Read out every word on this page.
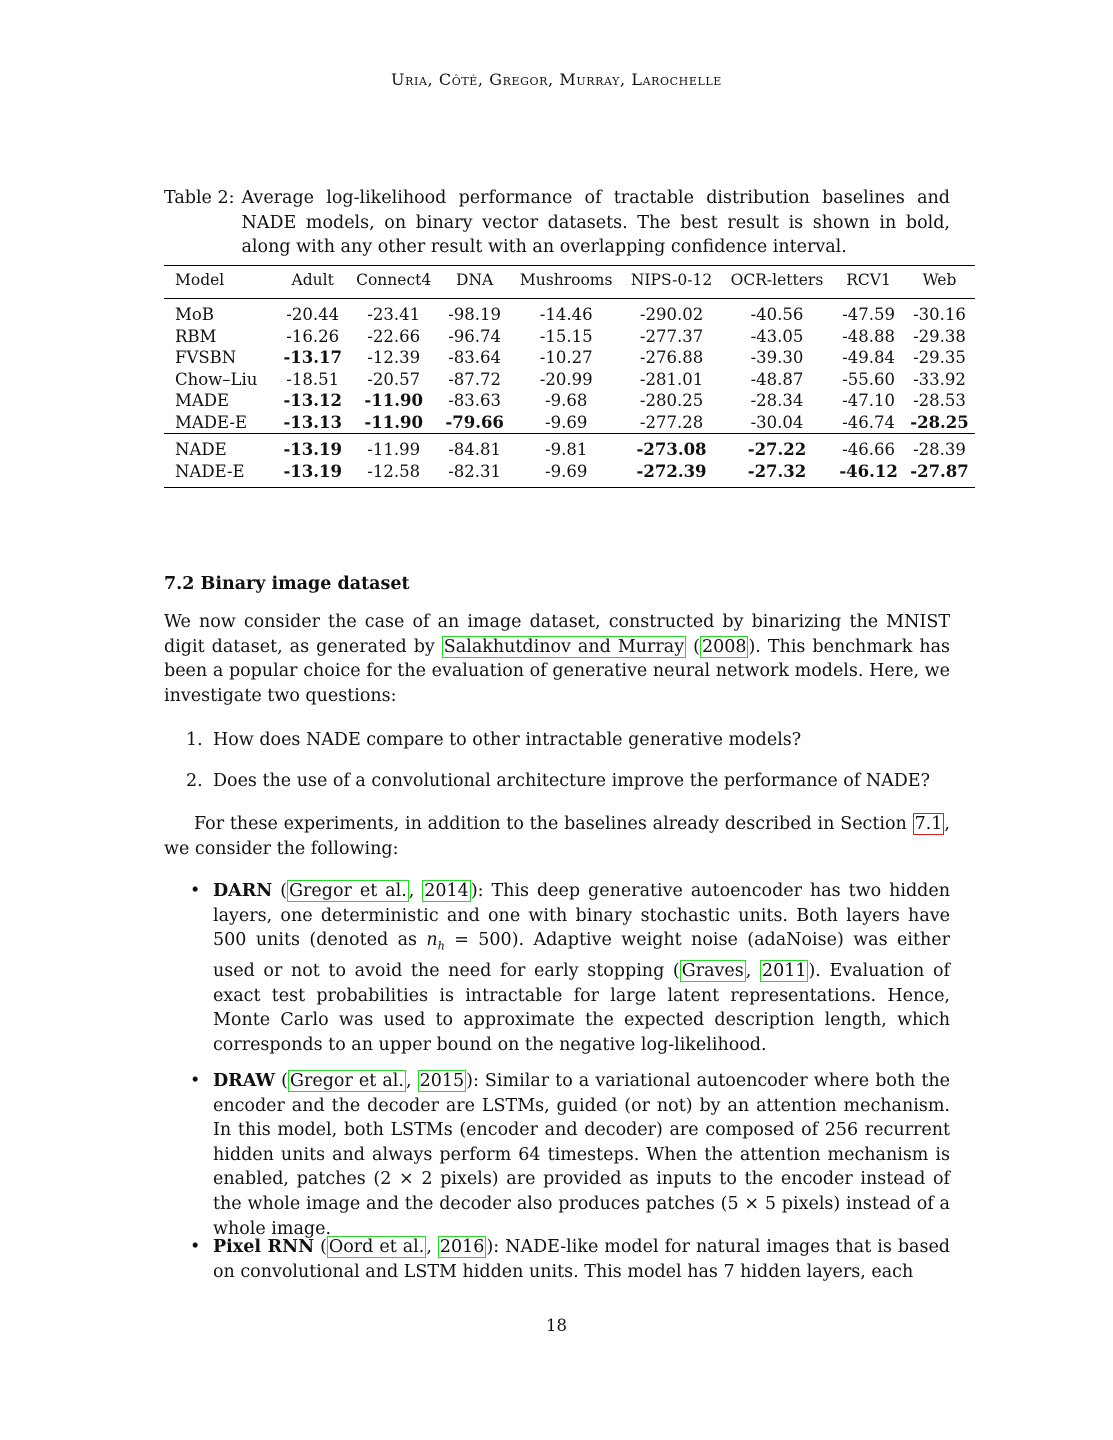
Uria, Côté, Gregor, Murray, Larochelle
Table 2: Average log-likelihood performance of tractable distribution baselines and NADE models, on binary vector datasets. The best result is shown in bold, along with any other result with an overlapping confidence interval.
Model	Adult	Connect4	DNA	Mushrooms	NIPS-0-12	OCR-letters	RCV1	Web
MoB	-20.44	-23.41	-98.19	-14.46	-290.02	-40.56	-47.59	-30.16
RBM	-16.26	-22.66	-96.74	-15.15	-277.37	-43.05	-48.88	-29.38
FVSBN	-13.17	-12.39	-83.64	-10.27	-276.88	-39.30	-49.84	-29.35
Chow–Liu	-18.51	-20.57	-87.72	-20.99	-281.01	-48.87	-55.60	-33.92
MADE	-13.12	-11.90	-83.63	-9.68	-280.25	-28.34	-47.10	-28.53
MADE-E	-13.13	-11.90	-79.66	-9.69	-277.28	-30.04	-46.74	-28.25
NADE	-13.19	-11.99	-84.81	-9.81	-273.08	-27.22	-46.66	-28.39
NADE-E	-13.19	-12.58	-82.31	-9.69	-272.39	-27.32	-46.12	-27.87
7.2 Binary image dataset
We now consider the case of an image dataset, constructed by binarizing the MNIST digit dataset, as generated by Salakhutdinov and Murray ( 2008 ). This benchmark has been a popular choice for the evaluation of generative neural network models. Here, we investigate two questions:
1. How does NADE compare to other intractable generative models?
2. Does the use of a convolutional architecture improve the performance of NADE?
For these experiments, in addition to the baselines already described in Section 7.1 , we consider the following:
• DARN ( Gregor et al. , 2014 ): This deep generative autoencoder has two hidden layers, one deterministic and one with binary stochastic units. Both layers have 500 units (denoted as $n_h = 500$). Adaptive weight noise (adaNoise) was either used or not to avoid the need for early stopping ( Graves , 2011 ). Evaluation of exact test probabilities is intractable for large latent representations. Hence, Monte Carlo was used to approximate the expected description length, which corresponds to an upper bound on the negative log-likelihood.
• DRAW ( Gregor et al. , 2015 ): Similar to a variational autoencoder where both the encoder and the decoder are LSTMs, guided (or not) by an attention mechanism. In this model, both LSTMs (encoder and decoder) are composed of 256 recurrent hidden units and always perform 64 timesteps. When the attention mechanism is enabled, patches (2 × 2 pixels) are provided as inputs to the encoder instead of the whole image and the decoder also produces patches (5 × 5 pixels) instead of a whole image.
• Pixel RNN ( Oord et al. , 2016 ): NADE-like model for natural images that is based on convolutional and LSTM hidden units. This model has 7 hidden layers, each
18
